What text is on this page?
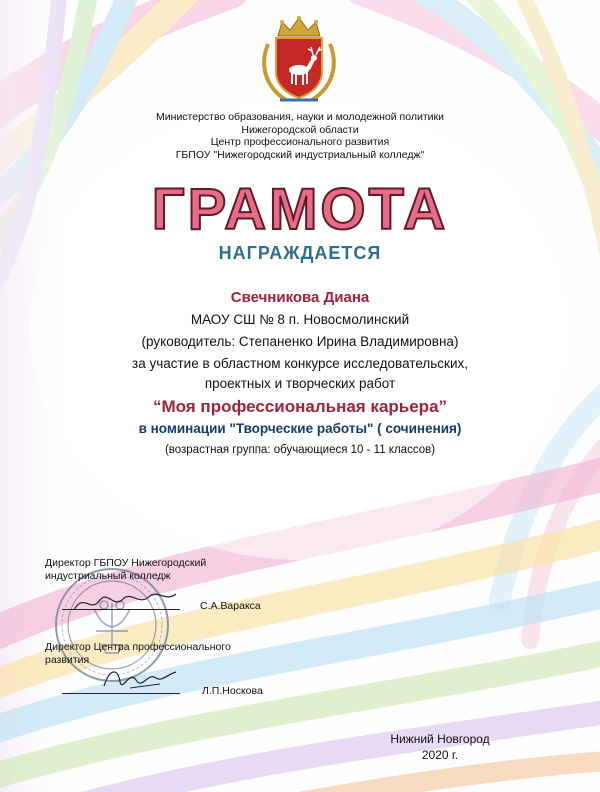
Министерство образования, науки и молодежной политики
Нижегородской области
Центр профессионального развития
ГБПОУ "Нижегородский индустриальный колледж"
ГРАМОТА
НАГРАЖДАЕТСЯ
Свечникова Диана
МАОУ СШ № 8 п. Новосмолинский
(руководитель: Степаненко Ирина Владимировна)
за участие в областном конкурсе исследовательских,
проектных и творческих работ
“Моя профессиональная карьера”
в номинации "Творческие работы" ( сочинения)
(возрастная группа: обучающиеся 10 - 11 классов)
Директор ГБПОУ Нижегородский
индустриальный колледж
С.А.Варакса
Директор Центра профессионального
развития
Л.П.Носкова
Нижний Новгород
2020 г.
